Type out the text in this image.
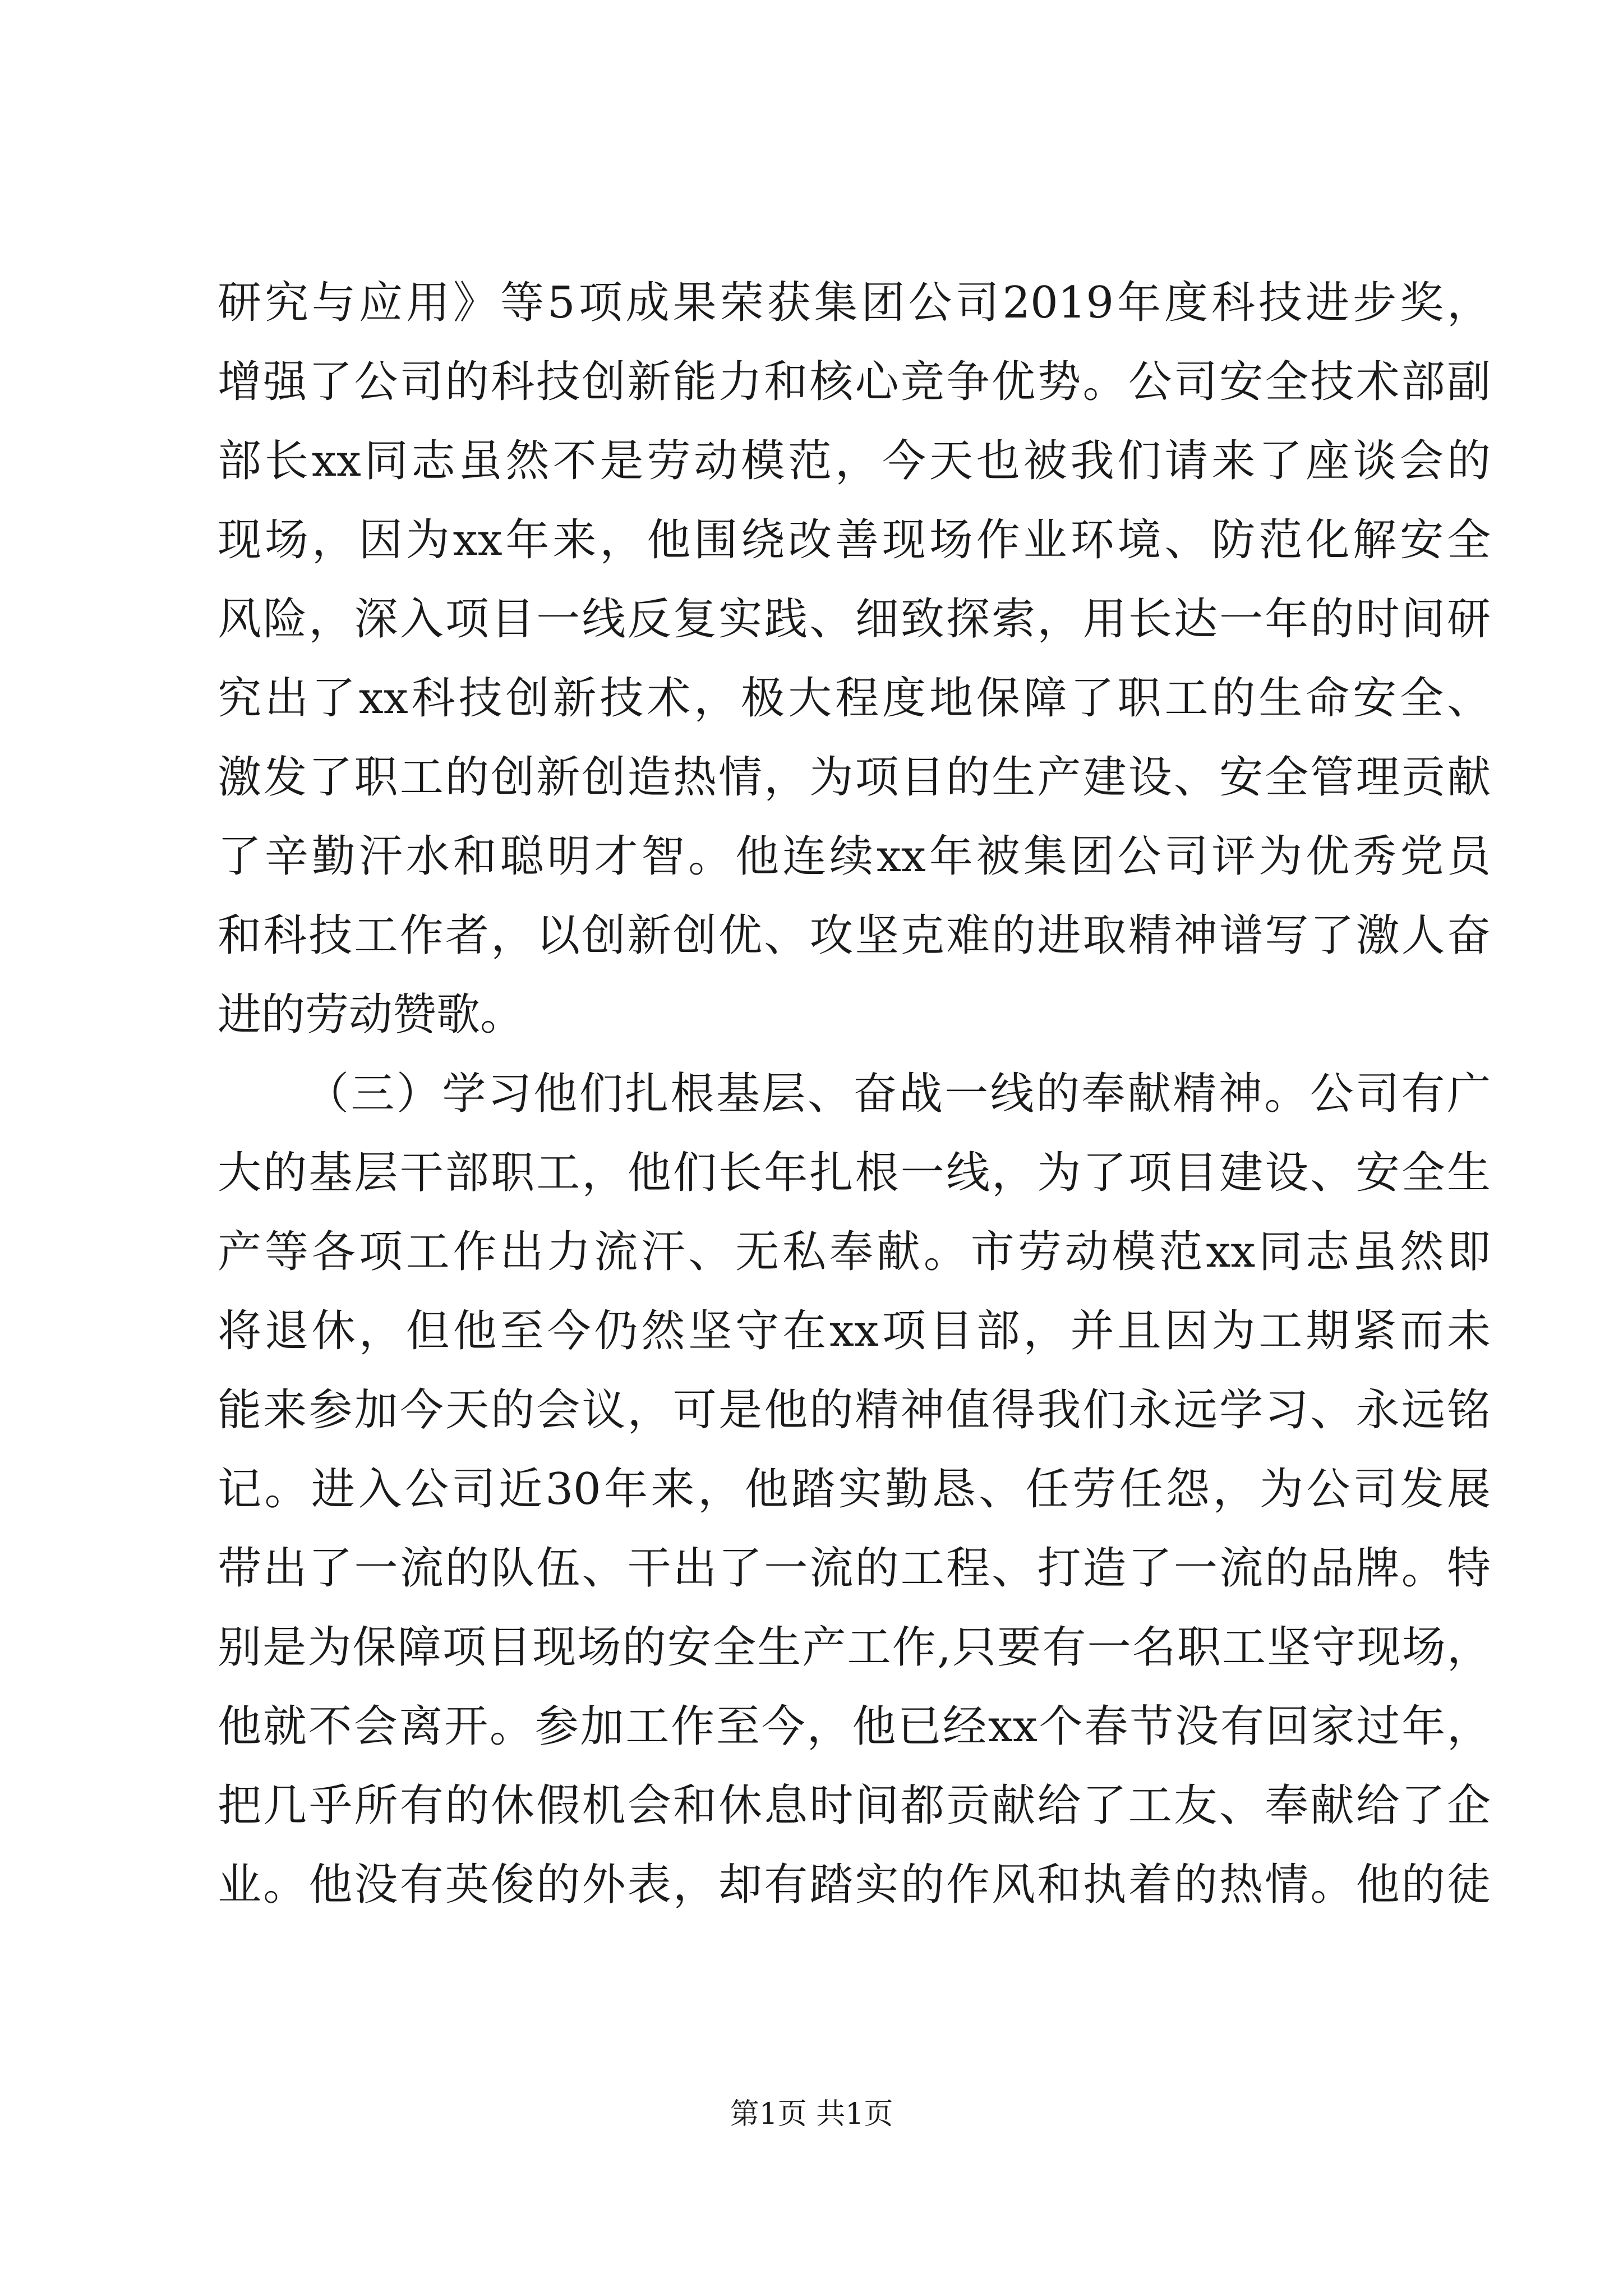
研究与应用》等5项成果荣获集团公司2019年度科技进步奖，
增强了公司的科技创新能力和核心竞争优势。公司安全技术部副
部长xx同志虽然不是劳动模范，今天也被我们请来了座谈会的
现场，因为xx年来，他围绕改善现场作业环境、防范化解安全
风险，深入项目一线反复实践、细致探索，用长达一年的时间研
究出了xx科技创新技术，极大程度地保障了职工的生命安全、
激发了职工的创新创造热情，为项目的生产建设、安全管理贡献
了辛勤汗水和聪明才智。他连续xx年被集团公司评为优秀党员
和科技工作者，以创新创优、攻坚克难的进取精神谱写了激人奋
进的劳动赞歌。
（三）学习他们扎根基层、奋战一线的奉献精神。公司有广
大的基层干部职工，他们长年扎根一线，为了项目建设、安全生
产等各项工作出力流汗、无私奉献。市劳动模范xx同志虽然即
将退休，但他至今仍然坚守在xx项目部，并且因为工期紧而未
能来参加今天的会议，可是他的精神值得我们永远学习、永远铭
记。进入公司近30年来，他踏实勤恳、任劳任怨，为公司发展
带出了一流的队伍、干出了一流的工程、打造了一流的品牌。特
别是为保障项目现场的安全生产工作,只要有一名职工坚守现场，
他就不会离开。参加工作至今，他已经xx个春节没有回家过年，
把几乎所有的休假机会和休息时间都贡献给了工友、奉献给了企
业。他没有英俊的外表，却有踏实的作风和执着的热情。他的徒
第1页 共1页
